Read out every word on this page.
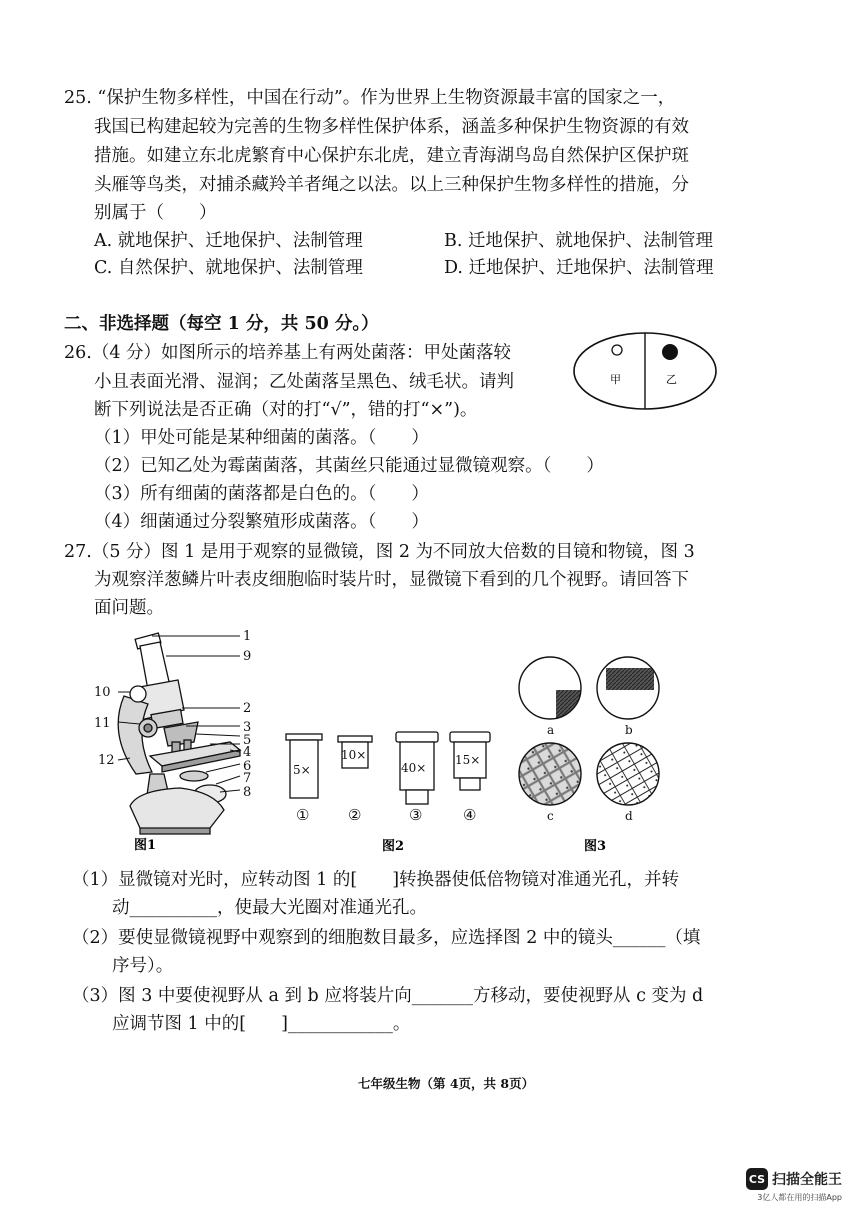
25. “保护生物多样性，中国在行动”。作为世界上生物资源最丰富的国家之一，
我国已构建起较为完善的生物多样性保护体系，涵盖多种保护生物资源的有效
措施。如建立东北虎繁育中心保护东北虎，建立青海湖鸟岛自然保护区保护斑
头雁等鸟类，对捕杀藏羚羊者绳之以法。以上三种保护生物多样性的措施，分
别属于（　　）
A. 就地保护、迁地保护、法制管理	B. 迁地保护、就地保护、法制管理
C. 自然保护、就地保护、法制管理	D. 迁地保护、迁地保护、法制管理
二、非选择题（每空 1 分，共 50 分。）
26.（4 分）如图所示的培养基上有两处菌落：甲处菌落较
小且表面光滑、湿润；乙处菌落呈黑色、绒毛状。请判
断下列说法是否正确（对的打“√”，错的打“×”)。
（1）甲处可能是某种细菌的菌落。（　　）
（2）已知乙处为霉菌菌落，其菌丝只能通过显微镜观察。（　　）
（3）所有细菌的菌落都是白色的。（　　）
（4）细菌通过分裂繁殖形成菌落。（　　）
甲	乙
27.（5 分）图 1 是用于观察的显微镜，图 2 为不同放大倍数的目镜和物镜，图 3
为观察洋葱鳞片叶表皮细胞临时装片时，显微镜下看到的几个视野。请回答下
面问题。
1
9
10
2
11	3
5
4
6
12
7
8
图1
5×
10×
40×
15×
①	②	③	④
图2
a	b
c	d
图3
（1）显微镜对光时，应转动图 1 的[　　]转换器使低倍物镜对准通光孔，并转
动__________，使最大光圈对准通光孔。
（2）要使显微镜视野中观察到的细胞数目最多，应选择图 2 中的镜头______（填
序号）。
（3）图 3 中要使视野从 a 到 b 应将装片向_______方移动，要使视野从 c 变为 d
应调节图 1 中的[　　]____________。
七年级生物（第 4页，共 8页）
CS 扫描全能王
3亿人都在用的扫描App
